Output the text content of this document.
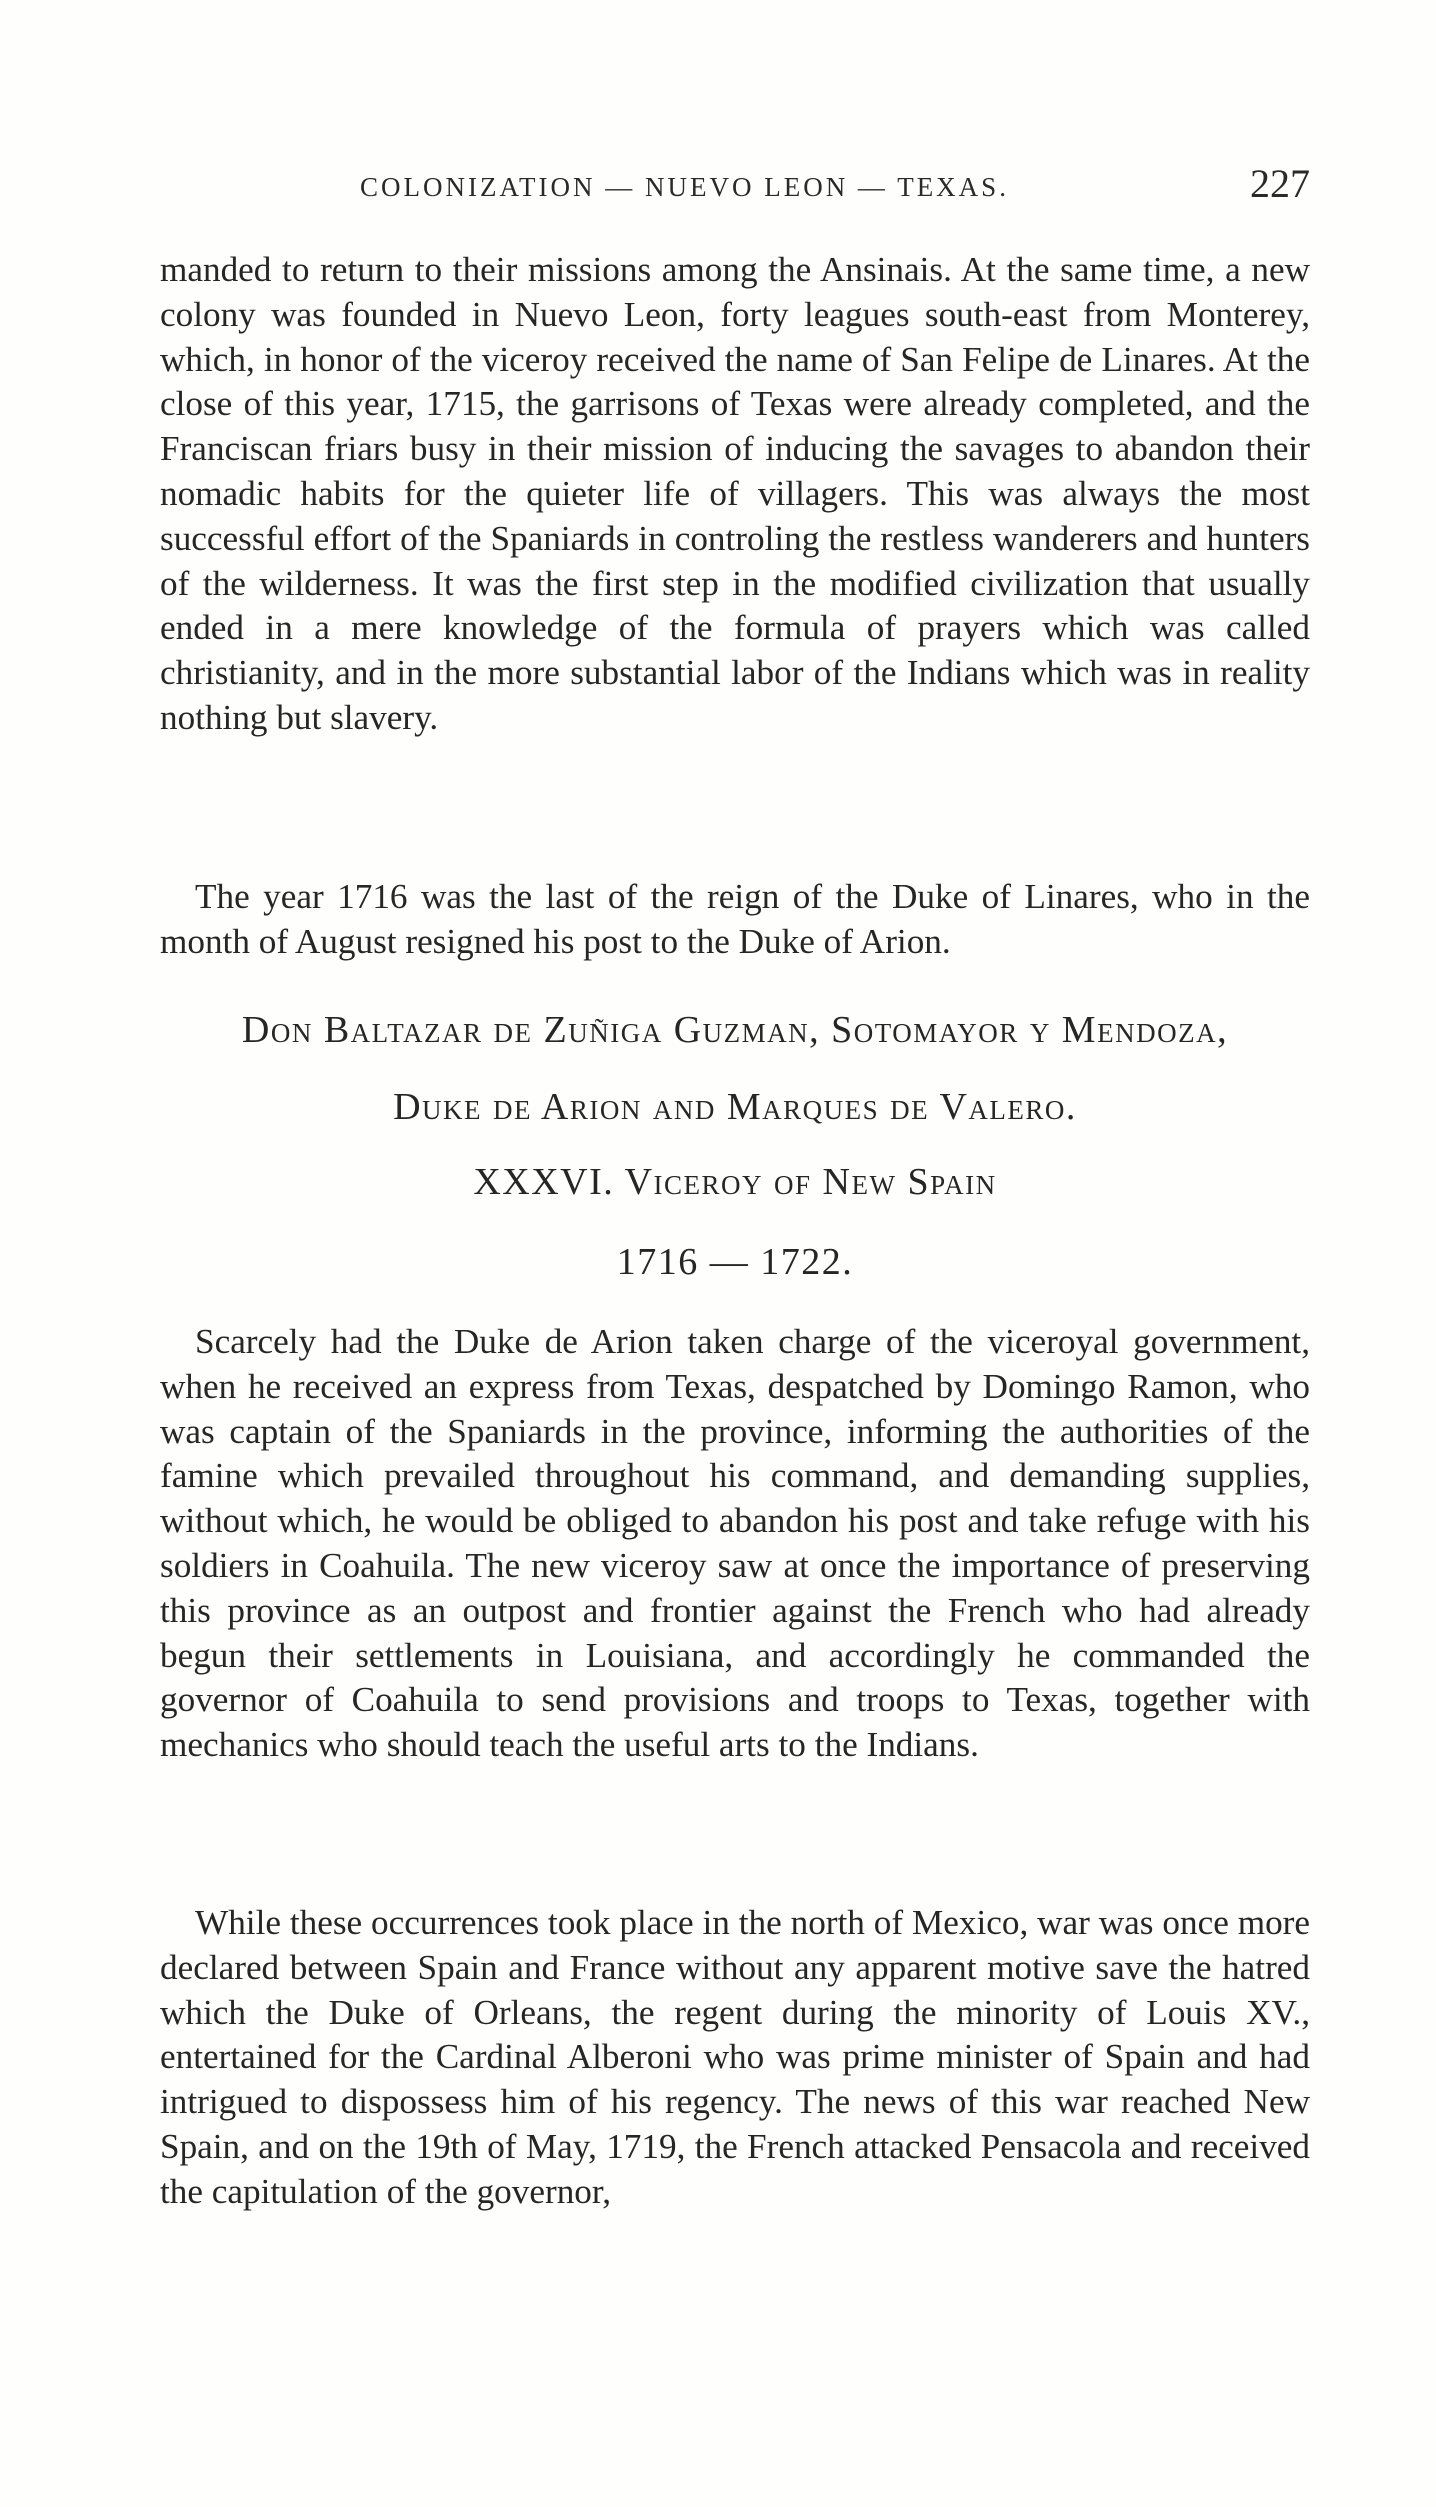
COLONIZATION — NUEVO LEON — TEXAS.	227

manded to return to their missions among the Ansinais. At the same time, a new colony was founded in Nuevo Leon, forty leagues south-east from Monterey, which, in honor of the viceroy received the name of San Felipe de Linares. At the close of this year, 1715, the garrisons of Texas were already completed, and the Franciscan friars busy in their mission of inducing the savages to abandon their nomadic habits for the quieter life of villagers. This was always the most successful effort of the Spaniards in controling the restless wanderers and hunters of the wilderness. It was the first step in the modified civilization that usually ended in a mere knowledge of the formula of prayers which was called christianity, and in the more substantial labor of the Indians which was in reality nothing but slavery.

The year 1716 was the last of the reign of the Duke of Linares, who in the month of August resigned his post to the Duke of Arion.

Don Baltazar de Zuñiga Guzman, Sotomayor y Mendoza,
Duke de Arion and Marques de Valero.
XXXVI. Viceroy of New Spain
1716 — 1722.

Scarcely had the Duke de Arion taken charge of the viceroyal government, when he received an express from Texas, despatched by Domingo Ramon, who was captain of the Spaniards in the province, informing the authorities of the famine which prevailed throughout his command, and demanding supplies, without which, he would be obliged to abandon his post and take refuge with his soldiers in Coahuila. The new viceroy saw at once the importance of preserving this province as an outpost and frontier against the French who had already begun their settlements in Louisiana, and accordingly he commanded the governor of Coahuila to send provisions and troops to Texas, together with mechanics who should teach the useful arts to the Indians.

While these occurrences took place in the north of Mexico, war was once more declared between Spain and France without any apparent motive save the hatred which the Duke of Orleans, the regent during the minority of Louis XV., entertained for the Cardinal Alberoni who was prime minister of Spain and had intrigued to dispossess him of his regency. The news of this war reached New Spain, and on the 19th of May, 1719, the French attacked Pensacola and received the capitulation of the governor,
